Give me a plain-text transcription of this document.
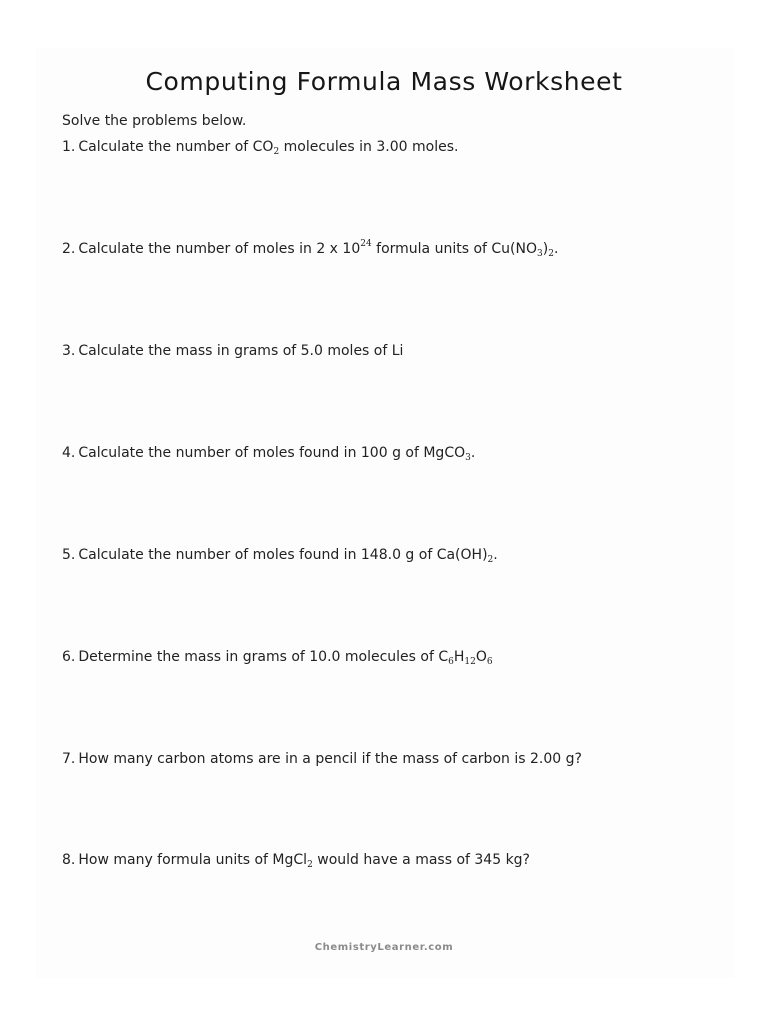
Computing Formula Mass Worksheet

Solve the problems below.

1. Calculate the number of $CO_2$ molecules in 3.00 moles.

2. Calculate the number of moles in 2 x $10^{24}$ formula units of $Cu(NO_3)_2$.

3. Calculate the mass in grams of 5.0 moles of Li

4. Calculate the number of moles found in 100 g of MgCO$_3$.

5. Calculate the number of moles found in 148.0 g of $Ca(OH)_2$.

6. Determine the mass in grams of 10.0 molecules of $C_6H_{12}O_6$

7. How many carbon atoms are in a pencil if the mass of carbon is 2.00 g?

8. How many formula units of MgCl$_2$ would have a mass of 345 kg?

ChemistryLearner.com
